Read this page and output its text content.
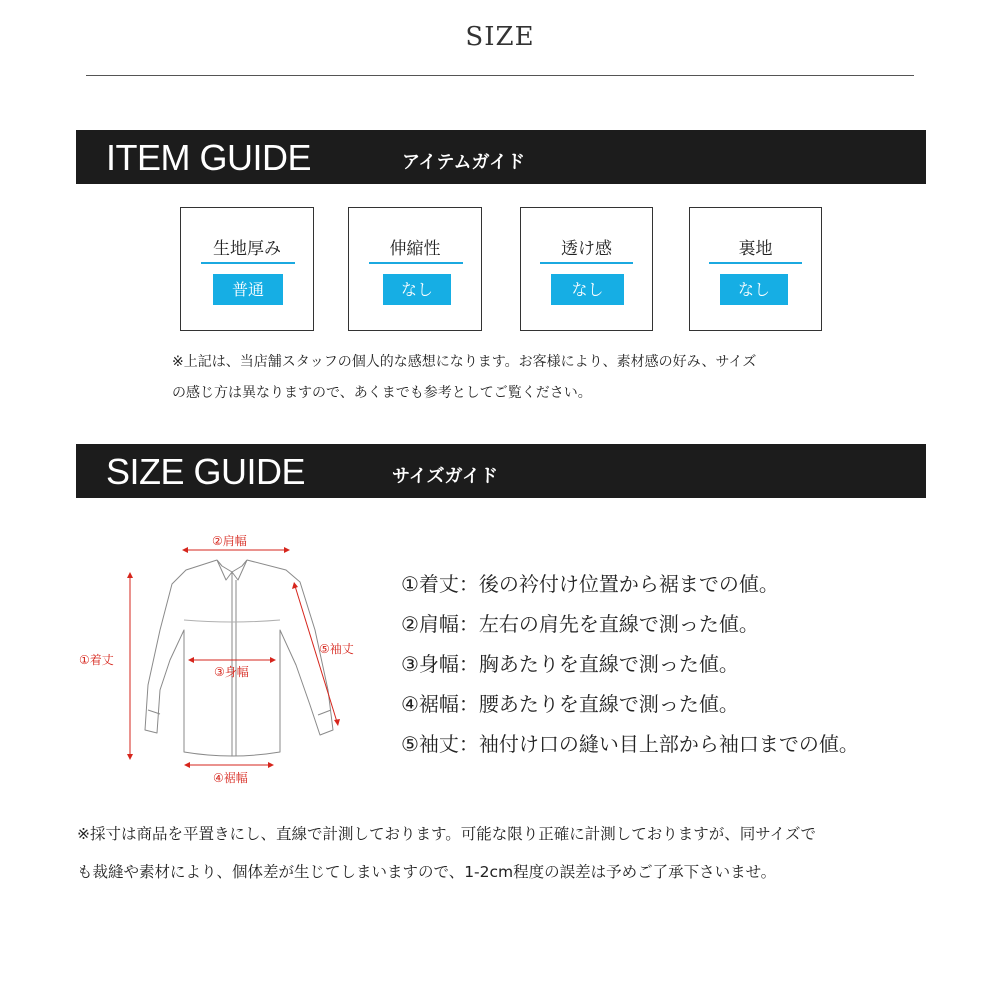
SIZE
ITEM GUIDE	アイテムガイド
生地厚み
普通
伸縮性
なし
透け感
なし
裏地
なし
※上記は、当店舗スタッフの個人的な感想になります。お客様により、素材感の好み、サイズ
の感じ方は異なりますので、あくまでも参考としてご覧ください。
SIZE GUIDE	サイズガイド
②肩幅
①着丈
③身幅
④裾幅
⑤袖丈
①着丈：後の衿付け位置から裾までの値。
②肩幅：左右の肩先を直線で測った値。
③身幅：胸あたりを直線で測った値。
④裾幅：腰あたりを直線で測った値。
⑤袖丈：袖付け口の縫い目上部から袖口までの値。
※採寸は商品を平置きにし、直線で計測しております。可能な限り正確に計測しておりますが、同サイズで
も裁縫や素材により、個体差が生じてしまいますので、1-2cm程度の誤差は予めご了承下さいませ。
